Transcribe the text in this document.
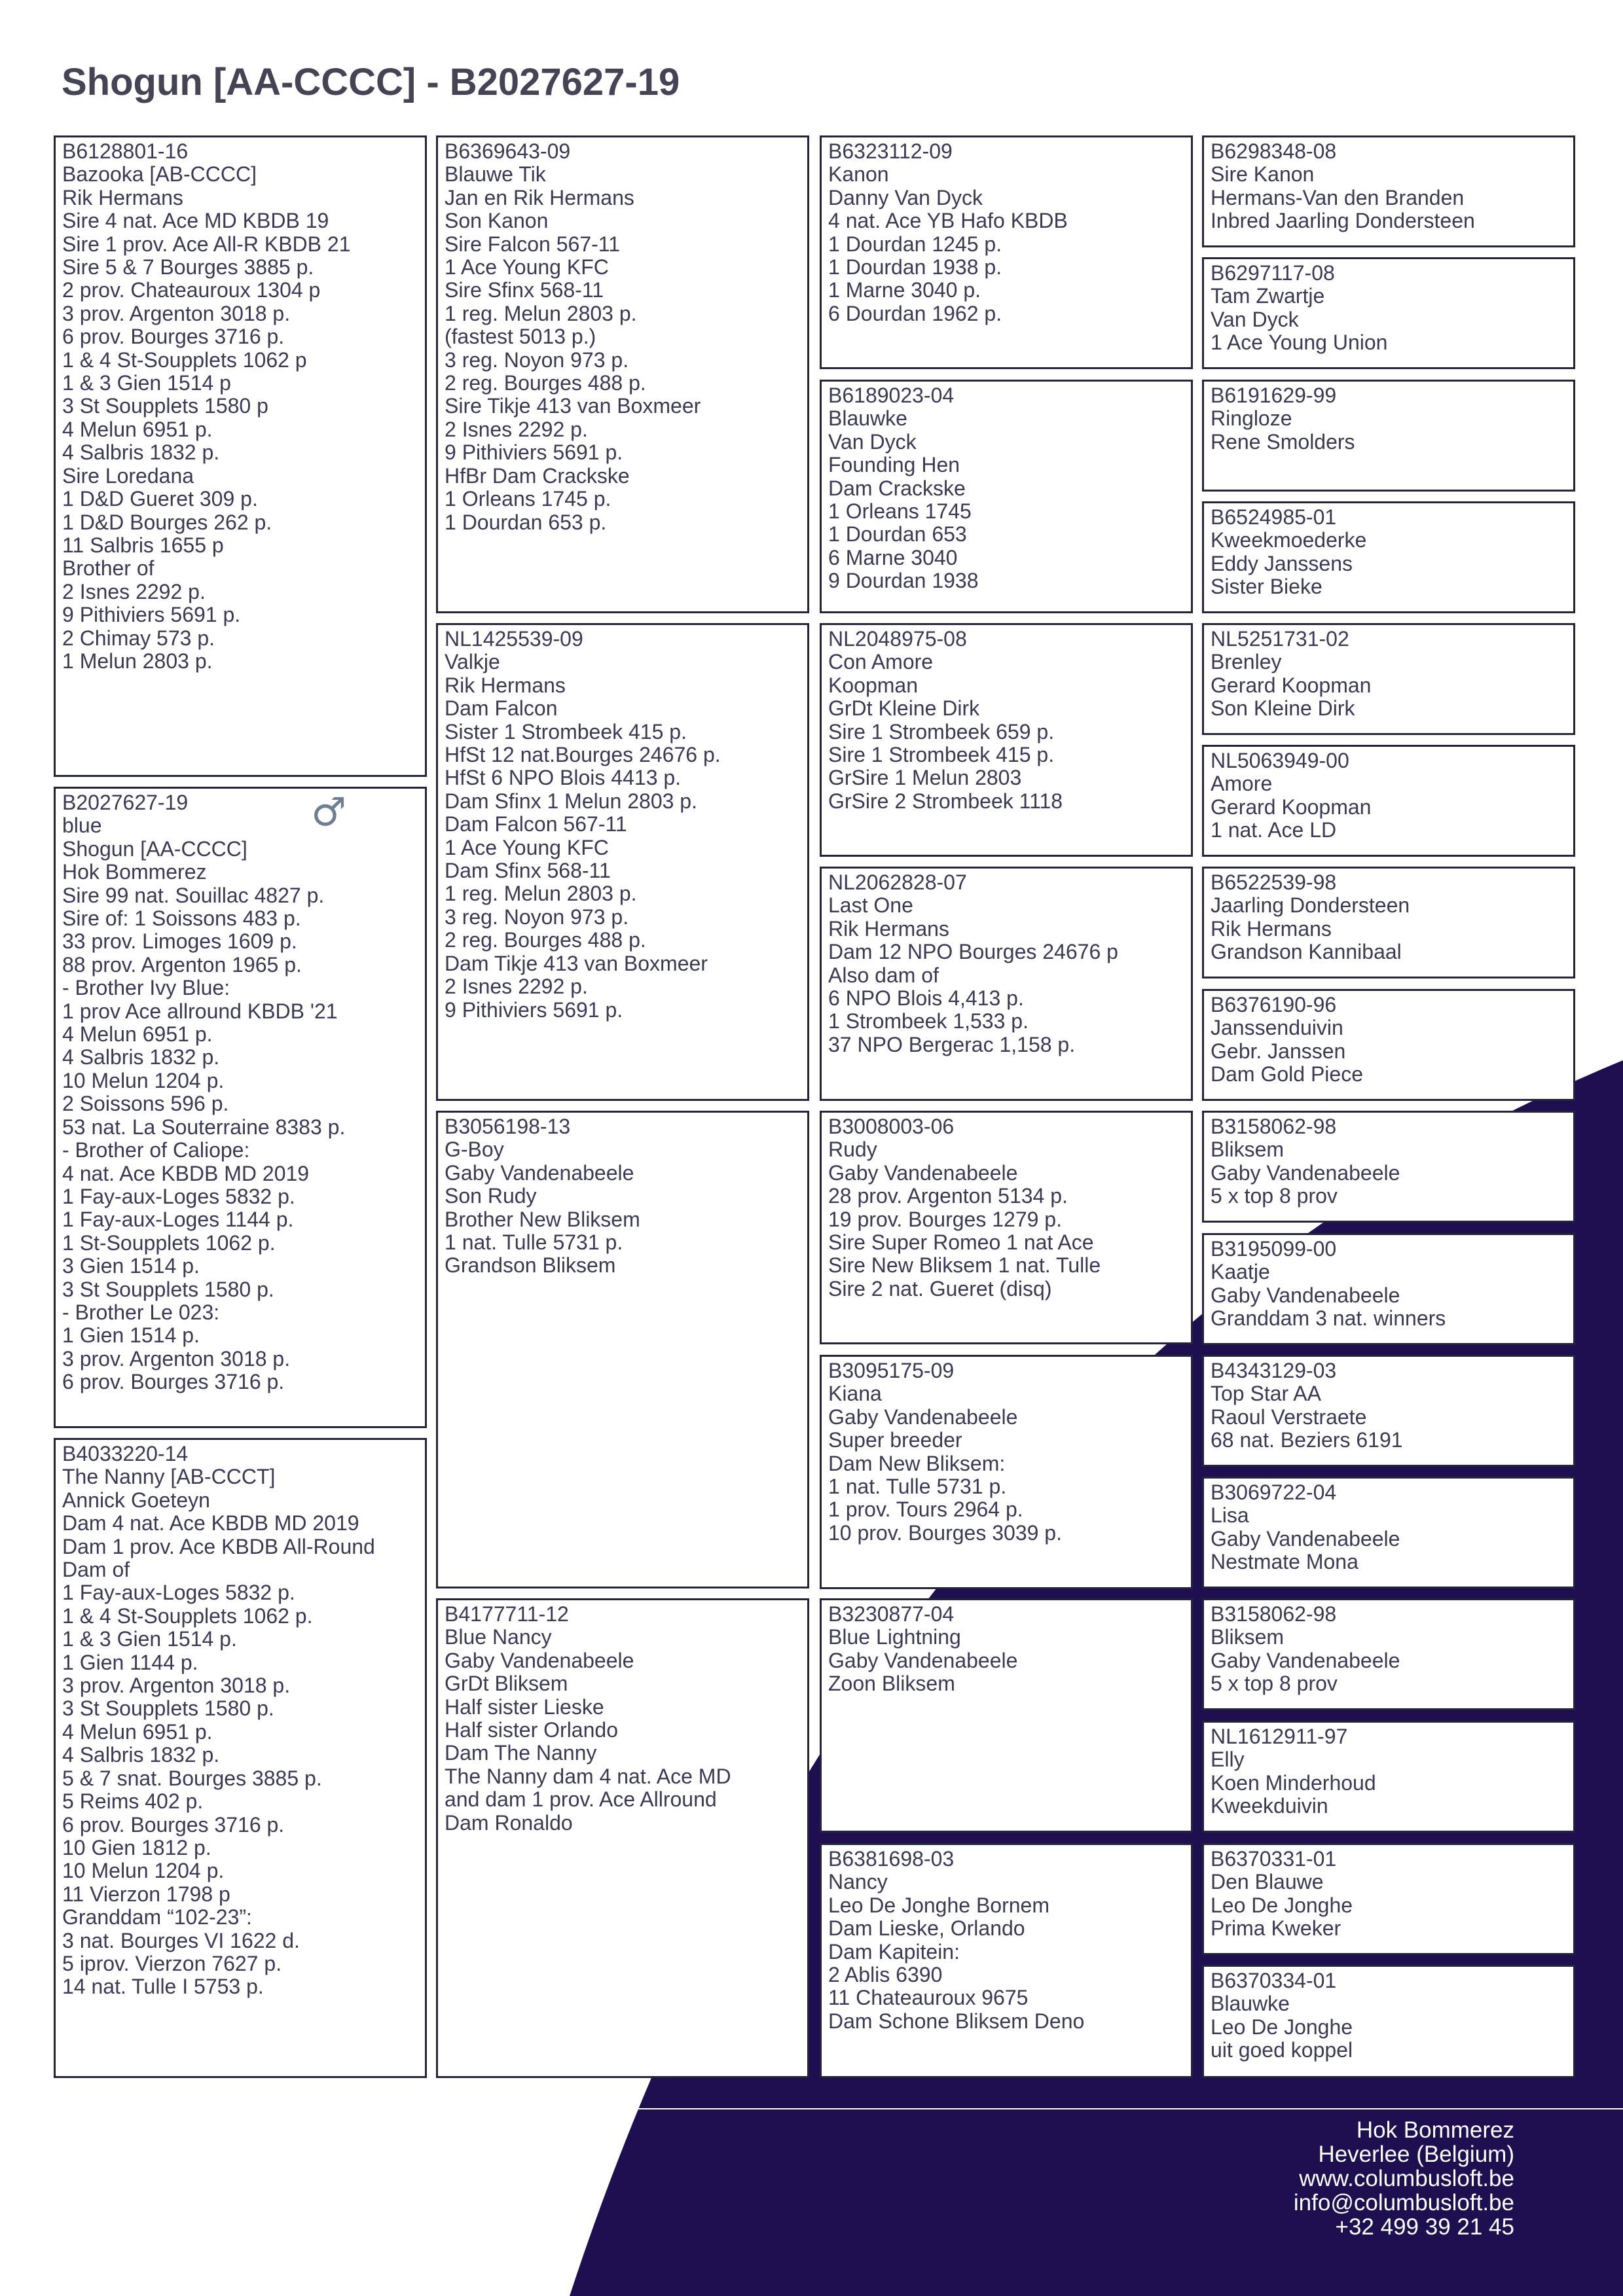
Shogun [AA-CCCC] - B2027627-19
B6128801-16
Bazooka [AB-CCCC]
Rik Hermans
Sire 4 nat. Ace MD KBDB 19
Sire 1 prov. Ace All-R KBDB 21
Sire 5 & 7 Bourges 3885 p.
2 prov. Chateauroux 1304 p
3 prov. Argenton 3018 p.
6 prov. Bourges 3716 p.
1 & 4 St-Soupplets 1062 p
1 & 3 Gien 1514 p
3 St Soupplets 1580 p
4 Melun 6951 p.
4 Salbris 1832 p.
Sire Loredana
1 D&D Gueret 309 p.
1 D&D Bourges 262 p.
11 Salbris 1655 p
Brother of
2 Isnes 2292 p.
9 Pithiviers 5691 p.
2 Chimay 573 p.
1 Melun 2803 p.
♂
B2027627-19
blue
Shogun [AA-CCCC]
Hok Bommerez
Sire 99 nat. Souillac 4827 p.
Sire of: 1 Soissons 483 p.
33 prov. Limoges 1609 p.
88 prov. Argenton 1965 p.
- Brother Ivy Blue:
1 prov Ace allround KBDB '21
4 Melun 6951 p.
4 Salbris 1832 p.
10 Melun 1204 p.
2 Soissons 596 p.
53 nat. La Souterraine 8383 p.
- Brother of Caliope:
4 nat. Ace KBDB MD 2019
1 Fay-aux-Loges 5832 p.
1 Fay-aux-Loges 1144 p.
1 St-Soupplets 1062 p.
3 Gien 1514 p.
3 St Soupplets 1580 p.
- Brother Le 023:
1 Gien 1514 p.
3 prov. Argenton 3018 p.
6 prov. Bourges 3716 p.
B4033220-14
The Nanny [AB-CCCT]
Annick Goeteyn
Dam 4 nat. Ace KBDB MD 2019
Dam 1 prov. Ace KBDB All-Round
Dam of
1 Fay-aux-Loges 5832 p.
1 & 4 St-Soupplets 1062 p.
1 & 3 Gien 1514 p.
1 Gien 1144 p.
3 prov. Argenton 3018 p.
3 St Soupplets 1580 p.
4 Melun 6951 p.
4 Salbris 1832 p.
5 & 7 snat. Bourges 3885 p.
5 Reims 402 p.
6 prov. Bourges 3716 p.
10 Gien 1812 p.
10 Melun 1204 p.
11 Vierzon 1798 p
Granddam “102-23”:
3 nat. Bourges VI 1622 d.
5 iprov. Vierzon 7627 p.
14 nat. Tulle I 5753 p.
B6369643-09
Blauwe Tik
Jan en Rik Hermans
Son Kanon
Sire Falcon 567-11
1 Ace Young KFC
Sire Sfinx 568-11
1 reg. Melun 2803 p.
(fastest 5013 p.)
3 reg. Noyon 973 p.
2 reg. Bourges 488 p.
Sire Tikje 413 van Boxmeer
2 Isnes 2292 p.
9 Pithiviers 5691 p.
HfBr Dam Crackske
1 Orleans 1745 p.
1 Dourdan 653 p.
NL1425539-09
Valkje
Rik Hermans
Dam Falcon
Sister 1 Strombeek 415 p.
HfSt 12 nat.Bourges 24676 p.
HfSt 6 NPO Blois 4413 p.
Dam Sfinx 1 Melun 2803 p.
Dam Falcon 567-11
1 Ace Young KFC
Dam Sfinx 568-11
1 reg. Melun 2803 p.
3 reg. Noyon 973 p.
2 reg. Bourges 488 p.
Dam Tikje 413 van Boxmeer
2 Isnes 2292 p.
9 Pithiviers 5691 p.
B3056198-13
G-Boy
Gaby Vandenabeele
Son Rudy
Brother New Bliksem
1 nat. Tulle 5731 p.
Grandson Bliksem
B4177711-12
Blue Nancy
Gaby Vandenabeele
GrDt Bliksem
Half sister Lieske
Half sister Orlando
Dam The Nanny
The Nanny dam 4 nat. Ace MD
and dam 1 prov. Ace Allround
Dam Ronaldo
B6323112-09
Kanon
Danny Van Dyck
4 nat. Ace YB Hafo KBDB
1 Dourdan 1245 p.
1 Dourdan 1938 p.
1 Marne 3040 p.
6 Dourdan 1962 p.
B6189023-04
Blauwke
Van Dyck
Founding Hen
Dam Crackske
1 Orleans 1745
1 Dourdan 653
6 Marne 3040
9 Dourdan 1938
NL2048975-08
Con Amore
Koopman
GrDt Kleine Dirk
Sire 1 Strombeek 659 p.
Sire 1 Strombeek 415 p.
GrSire 1 Melun 2803
GrSire 2 Strombeek 1118
NL2062828-07
Last One
Rik Hermans
Dam 12 NPO Bourges 24676 p
Also dam of
6 NPO Blois 4,413 p.
1 Strombeek 1,533 p.
37 NPO Bergerac 1,158 p.
B3008003-06
Rudy
Gaby Vandenabeele
28 prov. Argenton 5134 p.
19 prov. Bourges 1279 p.
Sire Super Romeo 1 nat Ace
Sire New Bliksem 1 nat. Tulle
Sire 2 nat. Gueret (disq)
B3095175-09
Kiana
Gaby Vandenabeele
Super breeder
Dam New Bliksem:
1 nat. Tulle 5731 p.
1 prov. Tours 2964 p.
10 prov. Bourges 3039 p.
B3230877-04
Blue Lightning
Gaby Vandenabeele
Zoon Bliksem
B6381698-03
Nancy
Leo De Jonghe Bornem
Dam Lieske, Orlando
Dam Kapitein:
2 Ablis 6390
11 Chateauroux 9675
Dam Schone Bliksem Deno
B6298348-08
Sire Kanon
Hermans-Van den Branden
Inbred Jaarling Dondersteen
B6297117-08
Tam Zwartje
Van Dyck
1 Ace Young Union
B6191629-99
Ringloze
Rene Smolders
B6524985-01
Kweekmoederke
Eddy Janssens
Sister Bieke
NL5251731-02
Brenley
Gerard Koopman
Son Kleine Dirk
NL5063949-00
Amore
Gerard Koopman
1 nat. Ace LD
B6522539-98
Jaarling Dondersteen
Rik Hermans
Grandson Kannibaal
B6376190-96
Janssenduivin
Gebr. Janssen
Dam Gold Piece
B3158062-98
Bliksem
Gaby Vandenabeele
5 x top 8 prov
B3195099-00
Kaatje
Gaby Vandenabeele
Granddam 3 nat. winners
B4343129-03
Top Star AA
Raoul Verstraete
68 nat. Beziers 6191
B3069722-04
Lisa
Gaby Vandenabeele
Nestmate Mona
B3158062-98
Bliksem
Gaby Vandenabeele
5 x top 8 prov
NL1612911-97
Elly
Koen Minderhoud
Kweekduivin
B6370331-01
Den Blauwe
Leo De Jonghe
Prima Kweker
B6370334-01
Blauwke
Leo De Jonghe
uit goed koppel
Hok Bommerez
Heverlee (Belgium)
www.columbusloft.be
info@columbusloft.be
+32 499 39 21 45
